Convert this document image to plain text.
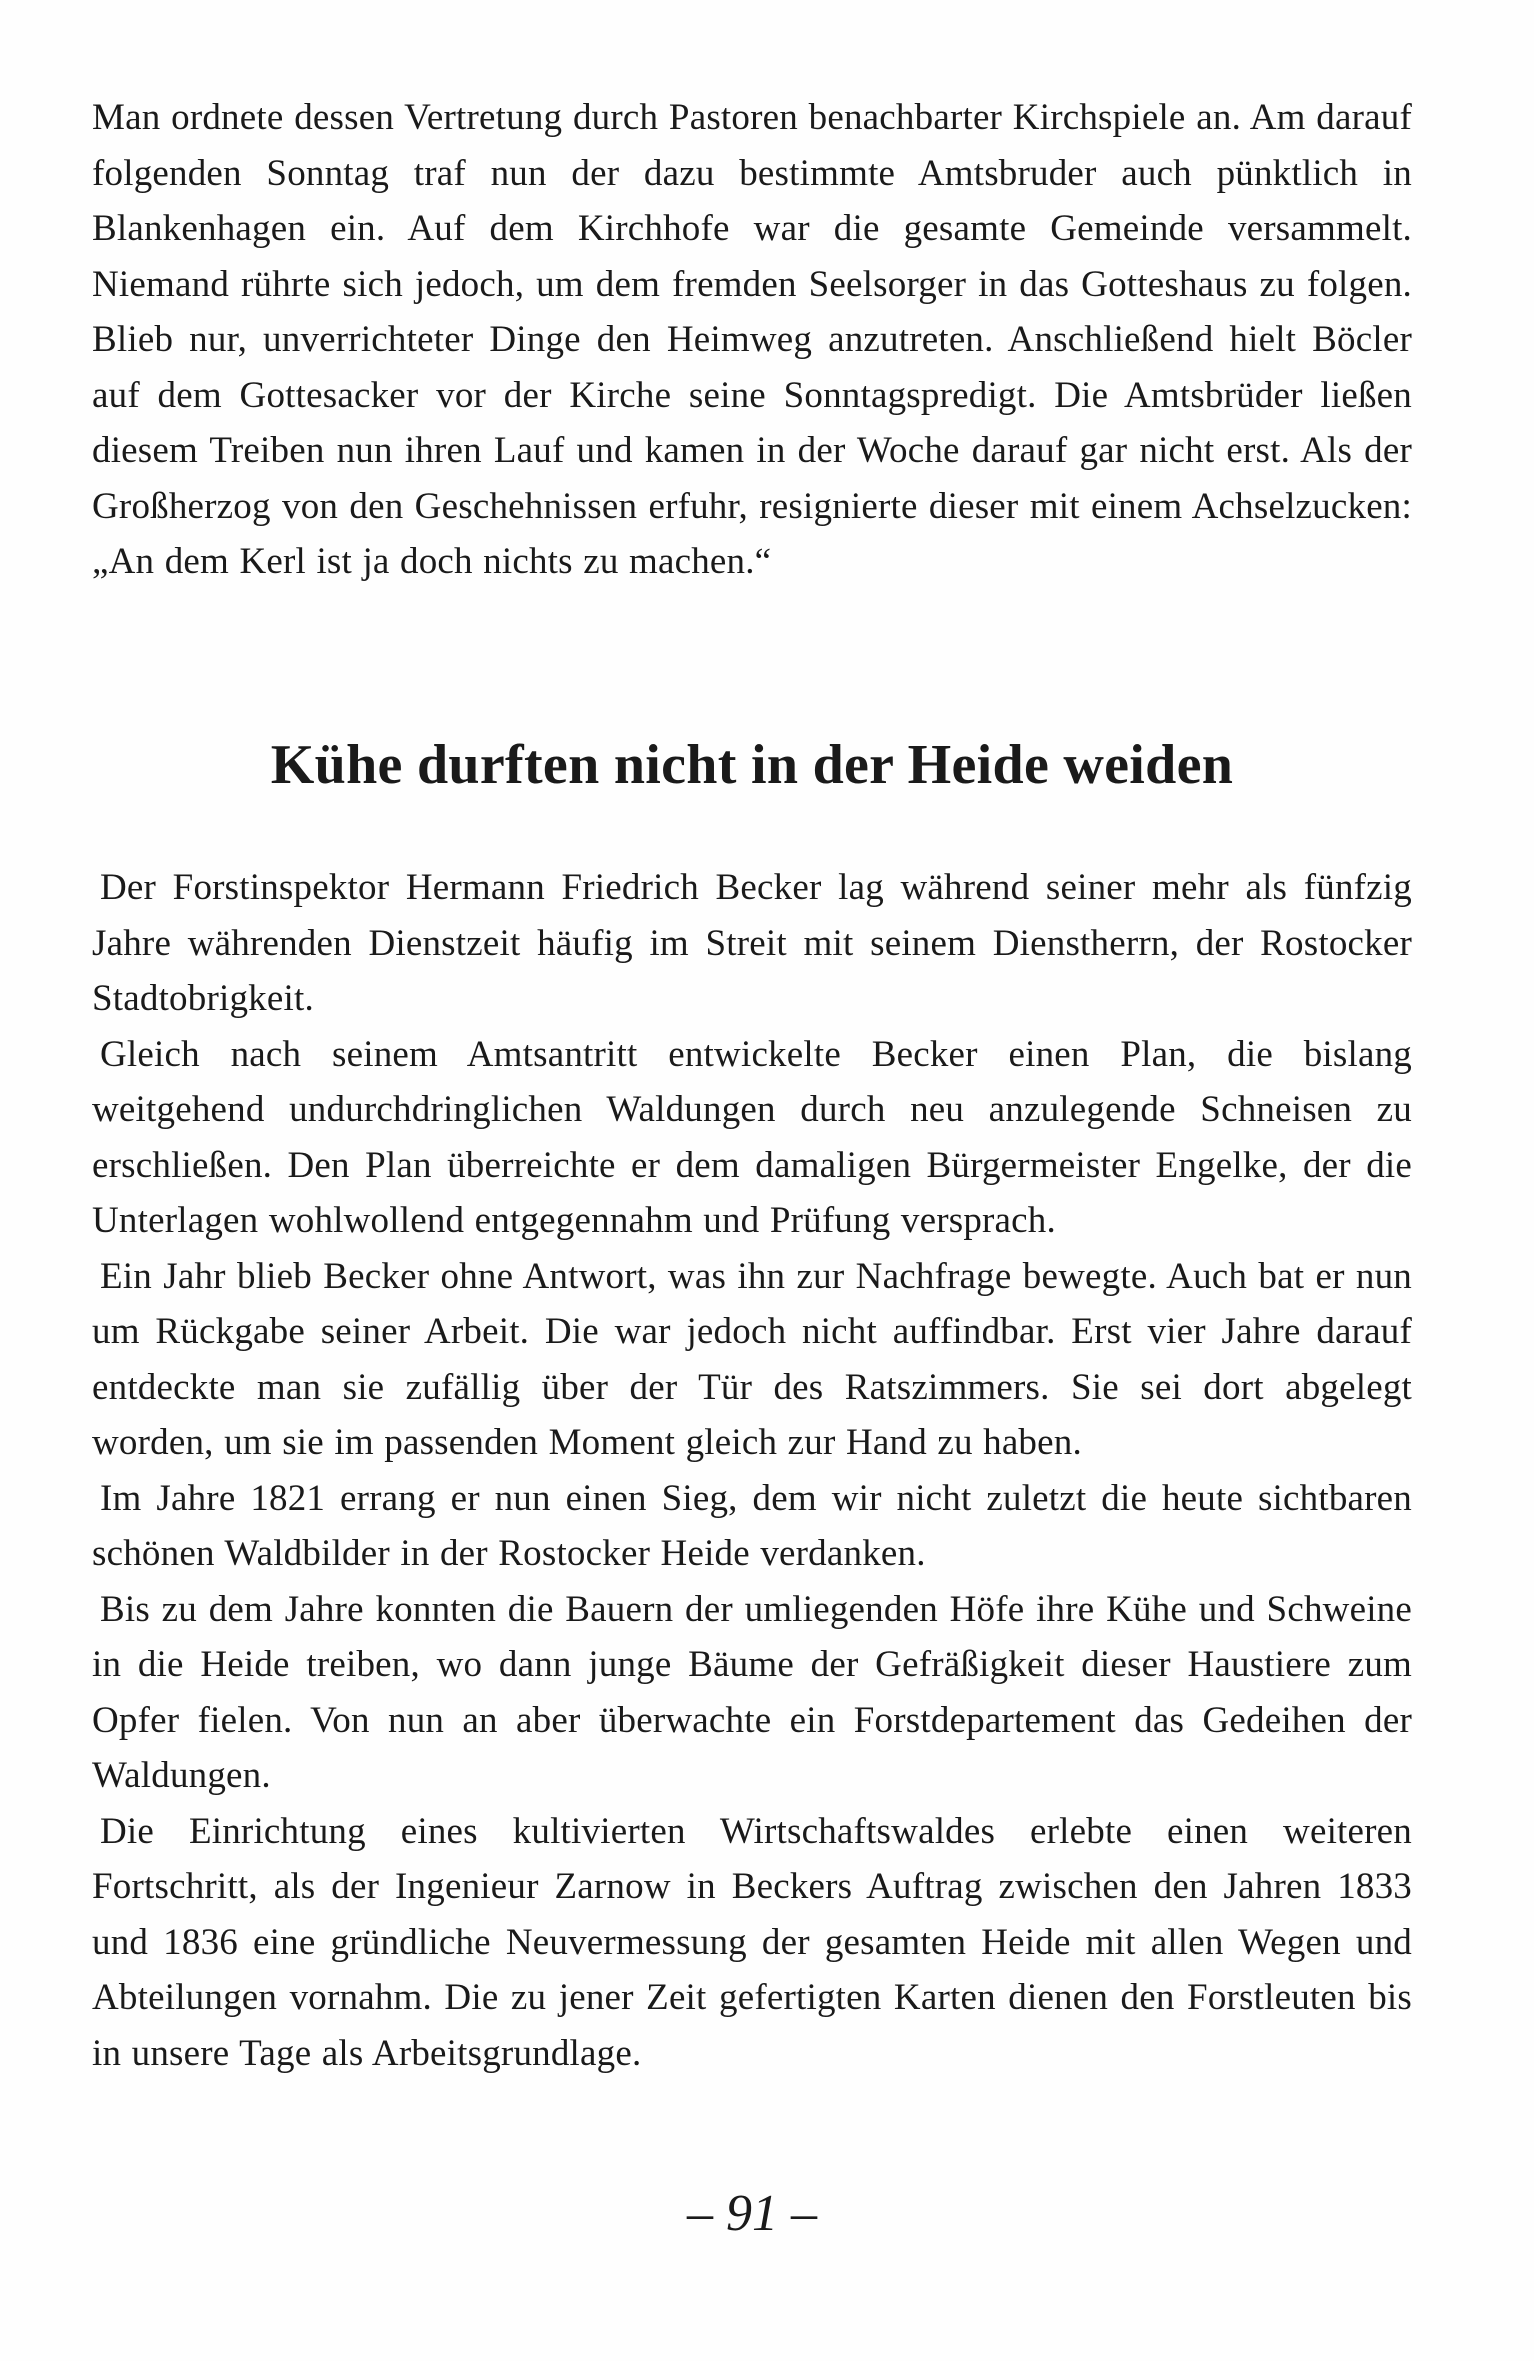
Man ordnete dessen Vertretung durch Pastoren benachbarter Kirchspiele an. Am darauf folgenden Sonntag traf nun der dazu bestimmte Amtsbruder auch pünktlich in Blankenhagen ein. Auf dem Kirchhofe war die gesamte Gemeinde versammelt. Niemand rührte sich jedoch, um dem fremden Seelsorger in das Gotteshaus zu folgen. Blieb nur, unverrichteter Dinge den Heimweg anzutreten. Anschließend hielt Böcler auf dem Gottesacker vor der Kirche seine Sonntagspredigt. Die Amtsbrüder ließen diesem Treiben nun ihren Lauf und kamen in der Woche darauf gar nicht erst. Als der Großherzog von den Geschehnissen erfuhr, resignierte dieser mit einem Achselzucken: „An dem Kerl ist ja doch nichts zu machen.“

Kühe durften nicht in der Heide weiden

Der Forstinspektor Hermann Friedrich Becker lag während seiner mehr als fünfzig Jahre währenden Dienstzeit häufig im Streit mit seinem Dienstherrn, der Rostocker Stadtobrigkeit.

Gleich nach seinem Amtsantritt entwickelte Becker einen Plan, die bislang weitgehend undurchdringlichen Waldungen durch neu anzulegende Schneisen zu erschließen. Den Plan überreichte er dem damaligen Bürgermeister Engelke, der die Unterlagen wohlwollend entgegennahm und Prüfung versprach.

Ein Jahr blieb Becker ohne Antwort, was ihn zur Nachfrage bewegte. Auch bat er nun um Rückgabe seiner Arbeit. Die war jedoch nicht auffindbar. Erst vier Jahre darauf entdeckte man sie zufällig über der Tür des Ratszimmers. Sie sei dort abgelegt worden, um sie im passenden Moment gleich zur Hand zu haben.

Im Jahre 1821 errang er nun einen Sieg, dem wir nicht zuletzt die heute sichtbaren schönen Waldbilder in der Rostocker Heide verdanken.

Bis zu dem Jahre konnten die Bauern der umliegenden Höfe ihre Kühe und Schweine in die Heide treiben, wo dann junge Bäume der Gefräßigkeit dieser Haustiere zum Opfer fielen. Von nun an aber überwachte ein Forstdepartement das Gedeihen der Waldungen.

Die Einrichtung eines kultivierten Wirtschaftswaldes erlebte einen weiteren Fortschritt, als der Ingenieur Zarnow in Beckers Auftrag zwischen den Jahren 1833 und 1836 eine gründliche Neuvermessung der gesamten Heide mit allen Wegen und Abteilungen vornahm. Die zu jener Zeit gefertigten Karten dienen den Forstleuten bis in unsere Tage als Arbeitsgrundlage.

– 91 –
